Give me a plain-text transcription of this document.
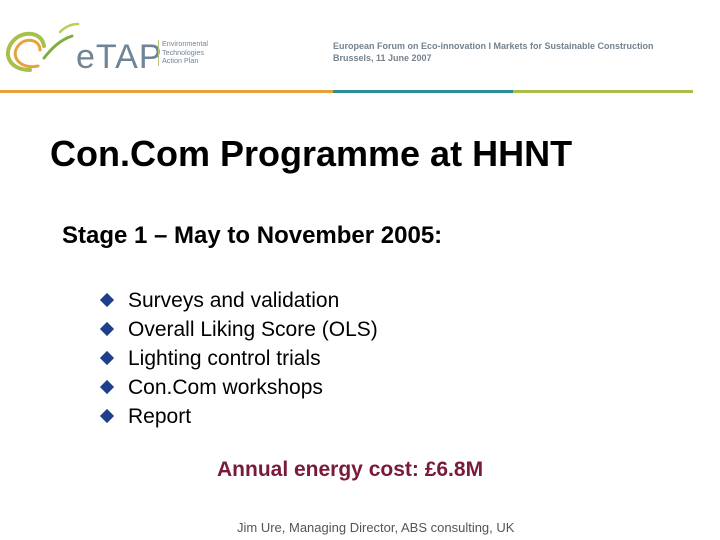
eTAP Environmental
Technologies
Action Plan
European Forum on Eco-innovation I Markets for Sustainable Construction
Brussels, 11 June 2007
Con.Com Programme at HHNT
Stage 1 – May to November 2005:
Surveys and validation
Overall Liking Score (OLS)
Lighting control trials
Con.Com workshops
Report
Annual energy cost: £6.8M
Jim Ure, Managing Director, ABS consulting, UK
